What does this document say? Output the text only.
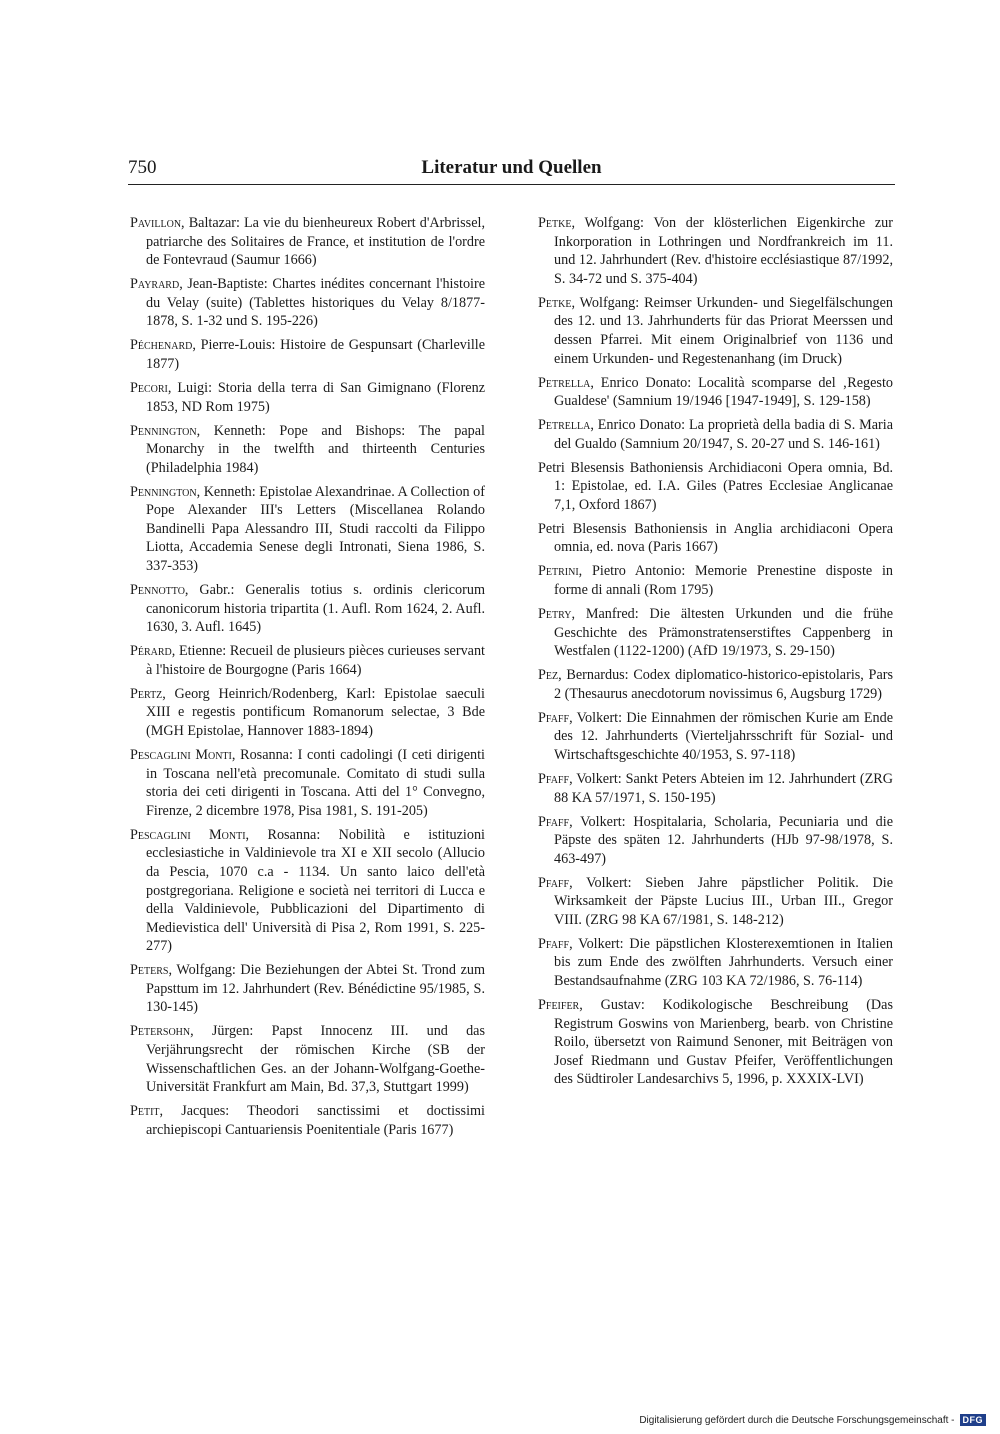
750	Literatur und Quellen

Pavillon, Baltazar: La vie du bienheureux Robert d'Arbrissel, patriarche des Solitaires de France, et institution de l'ordre de Fontevraud (Saumur 1666)

Payrard, Jean-Baptiste: Chartes inédites concernant l'histoire du Velay (suite) (Tablettes historiques du Velay 8/1877-1878, S. 1-32 und S. 195-226)

Péchenard, Pierre-Louis: Histoire de Gespunsart (Charleville 1877)

Pecori, Luigi: Storia della terra di San Gimignano (Florenz 1853, ND Rom 1975)

Pennington, Kenneth: Pope and Bishops: The papal Monarchy in the twelfth and thirteenth Centuries (Philadelphia 1984)

Pennington, Kenneth: Epistolae Alexandrinae. A Collection of Pope Alexander III's Letters (Miscellanea Rolando Bandinelli Papa Alessandro III, Studi raccolti da Filippo Liotta, Accademia Senese degli Intronati, Siena 1986, S. 337-353)

Pennotto, Gabr.: Generalis totius s. ordinis clericorum canonicorum historia tripartita (1. Aufl. Rom 1624, 2. Aufl. 1630, 3. Aufl. 1645)

Pérard, Etienne: Recueil de plusieurs pièces curieuses servant à l'histoire de Bourgogne (Paris 1664)

Pertz, Georg Heinrich/Rodenberg, Karl: Epistolae saeculi XIII e regestis pontificum Romanorum selectae, 3 Bde (MGH Epistolae, Hannover 1883-1894)

Pescaglini Monti, Rosanna: I conti cadolingi (I ceti dirigenti in Toscana nell'età precomunale. Comitato di studi sulla storia dei ceti dirigenti in Toscana. Atti del 1° Convegno, Firenze, 2 dicembre 1978, Pisa 1981, S. 191-205)

Pescaglini Monti, Rosanna: Nobilità e istituzioni ecclesiastiche in Valdinievole tra XI e XII secolo (Allucio da Pescia, 1070 c.a - 1134. Un santo laico dell'età postgregoriana. Religione e società nei territori di Lucca e della Valdinievole, Pubblicazioni del Dipartimento di Medievistica dell' Università di Pisa 2, Rom 1991, S. 225-277)

Peters, Wolfgang: Die Beziehungen der Abtei St. Trond zum Papsttum im 12. Jahrhundert (Rev. Bénédictine 95/1985, S. 130-145)

Petersohn, Jürgen: Papst Innocenz III. und das Verjährungsrecht der römischen Kirche (SB der Wissenschaftlichen Ges. an der Johann-Wolfgang-Goethe-Universität Frankfurt am Main, Bd. 37,3, Stuttgart 1999)

Petit, Jacques: Theodori sanctissimi et doctissimi archiepiscopi Cantuariensis Poenitentiale (Paris 1677)

Petke, Wolfgang: Von der klösterlichen Eigenkirche zur Inkorporation in Lothringen und Nordfrankreich im 11. und 12. Jahrhundert (Rev. d'histoire ecclésiastique 87/1992, S. 34-72 und S. 375-404)

Petke, Wolfgang: Reimser Urkunden- und Siegelfälschungen des 12. und 13. Jahrhunderts für das Priorat Meerssen und dessen Pfarrei. Mit einem Originalbrief von 1136 und einem Urkunden- und Regestenanhang (im Druck)

Petrella, Enrico Donato: Località scomparse del ‚Regesto Gualdese' (Samnium 19/1946 [1947-1949], S. 129-158)

Petrella, Enrico Donato: La proprietà della badia di S. Maria del Gualdo (Samnium 20/1947, S. 20-27 und S. 146-161)

Petri Blesensis Bathoniensis Archidiaconi Opera omnia, Bd. 1: Epistolae, ed. I.A. Giles (Patres Ecclesiae Anglicanae 7,1, Oxford 1867)

Petri Blesensis Bathoniensis in Anglia archidiaconi Opera omnia, ed. nova (Paris 1667)

Petrini, Pietro Antonio: Memorie Prenestine disposte in forme di annali (Rom 1795)

Petry, Manfred: Die ältesten Urkunden und die frühe Geschichte des Prämonstratenserstiftes Cappenberg in Westfalen (1122-1200) (AfD 19/1973, S. 29-150)

Pez, Bernardus: Codex diplomatico-historico-epistolaris, Pars 2 (Thesaurus anecdotorum novissimus 6, Augsburg 1729)

Pfaff, Volkert: Die Einnahmen der römischen Kurie am Ende des 12. Jahrhunderts (Vierteljahrsschrift für Sozial- und Wirtschaftsgeschichte 40/1953, S. 97-118)

Pfaff, Volkert: Sankt Peters Abteien im 12. Jahrhundert (ZRG 88 KA 57/1971, S. 150-195)

Pfaff, Volkert: Hospitalaria, Scholaria, Pecuniaria und die Päpste des späten 12. Jahrhunderts (HJb 97-98/1978, S. 463-497)

Pfaff, Volkert: Sieben Jahre päpstlicher Politik. Die Wirksamkeit der Päpste Lucius III., Urban III., Gregor VIII. (ZRG 98 KA 67/1981, S. 148-212)

Pfaff, Volkert: Die päpstlichen Klosterexemtionen in Italien bis zum Ende des zwölften Jahrhunderts. Versuch einer Bestandsaufnahme (ZRG 103 KA 72/1986, S. 76-114)

Pfeifer, Gustav: Kodikologische Beschreibung (Das Registrum Goswins von Marienberg, bearb. von Christine Roilo, übersetzt von Raimund Senoner, mit Beiträgen von Josef Riedmann und Gustav Pfeifer, Veröffentlichungen des Südtiroler Landesarchivs 5, 1996, p. XXXIX-LVI)

Digitalisierung gefördert durch die Deutsche Forschungsgemeinschaft - DFG
